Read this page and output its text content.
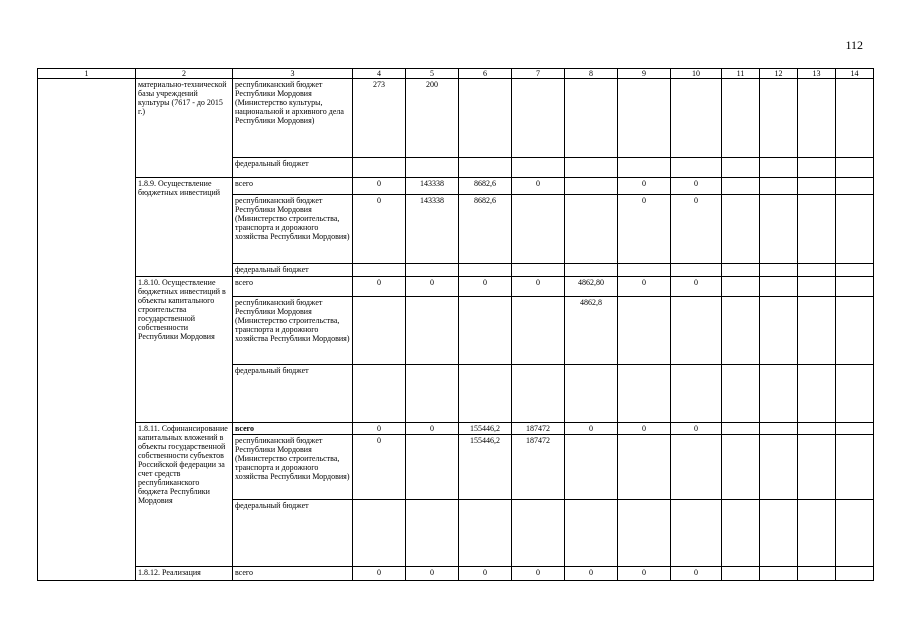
112
1	2	3	4	5	6	7	8	9	10	11	12	13	14
	материально-технической базы учреждений культуры (7617 - до 2015 г.)	республиканский бюджет Республики Мордовия (Министерство культуры, национальной и архивного дела Республики Мордовия)	273	200									
		федеральный бюджет											
	1.8.9. Осуществление бюджетных инвестиций	всего	0	143338	8682,6	0		0	0				
		республиканский бюджет Республики Мордовия (Министерство строительства, транспорта и дорожного хозяйства Республики Мордовия)	0	143338	8682,6			0	0				
		федеральный бюджет											
	1.8.10. Осуществление бюджетных инвестиций в объекты капитального строительства государственной собственности Республики Мордовия	всего	0	0	0	0	4862,80	0	0				
		республиканский бюджет Республики Мордовия (Министерство строительства, транспорта и дорожного хозяйства Республики Мордовия)					4862,8						
		федеральный бюджет											
	1.8.11. Софинансирование капитальных вложений в объекты государственной собственности субъектов Российской федерации за счет средств республиканского бюджета Республики Мордовия	всего	0	0	155446,2	187472	0	0	0				
		республиканский бюджет Республики Мордовия (Министерство строительства, транспорта и дорожного хозяйства Республики Мордовия)	0		155446,2	187472							
		федеральный бюджет											
	1.8.12. Реализация	всего	0	0	0	0	0	0	0				
